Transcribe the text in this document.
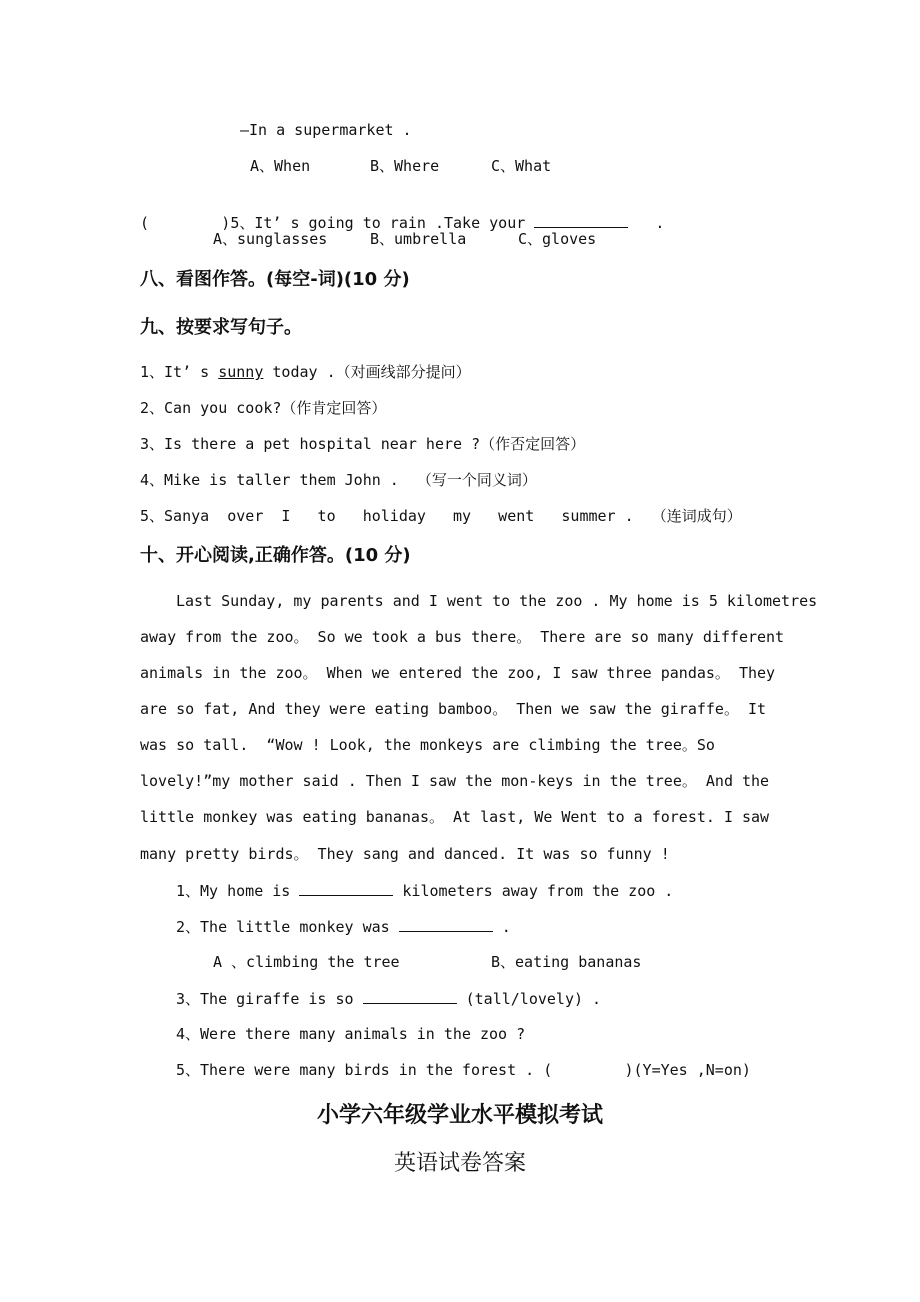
—In a supermarket .
A、When	B、Where	C、What

(        )5、It’ s going to rain .Take your	.

A、sunglasses	B、umbrella	C、gloves
八、看图作答。(每空-词)(10 分)
九、按要求写句子。
1、It’ s sunny today .（对画线部分提问）
2、Can you cook?（作肯定回答）
3、Is there a pet hospital near here ?（作否定回答）
4、Mike is taller them John .  （写一个同义词）
5、Sanya  over  I   to   holiday   my   went   summer .  （连词成句）
十、开心阅读,正确作答。(10 分)
Last Sunday, my parents and I went to the zoo . My home is 5 kilometres
away from the zoo。 So we took a bus there。 There are so many different
animals in the zoo。 When we entered the zoo, I saw three pandas。 They
are so fat, And they were eating bamboo。 Then we saw the giraffe。 It
was so tall.  “Wow ! Look, the monkeys are climbing the tree。So
lovely!”my mother said . Then I saw the mon-keys in the tree。 And the
little monkey was eating bananas。 At last, We Went to a forest. I saw
many pretty birds。 They sang and danced. It was so funny !
1、My home is	kilometers away from the zoo .
2、The little monkey was	.
A 、climbing the tree	B、eating bananas
3、The giraffe is so	(tall/lovely) .
4、Were there many animals in the zoo ?
5、There were many birds in the forest . (        )(Y=Yes ,N=on)
小学六年级学业水平模拟考试
英语试卷答案
